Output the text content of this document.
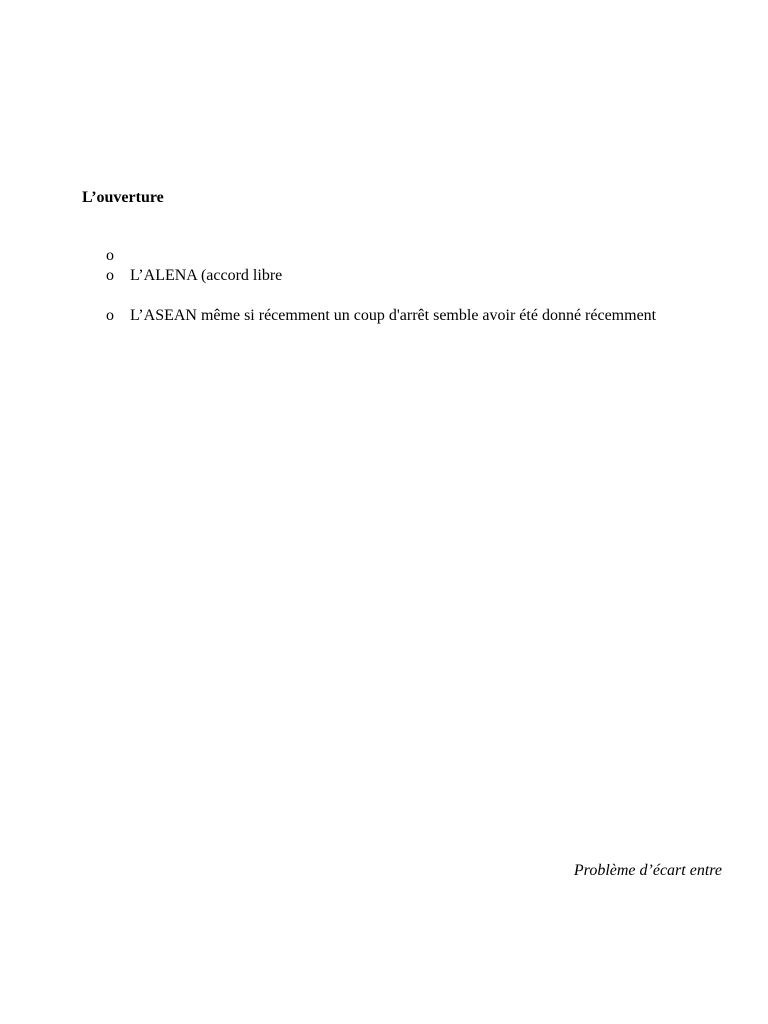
L’ouverture
o
o	L’ALENA (accord libre
o	L’ASEAN même si récemment un coup d'arrêt semble avoir été donné récemment
Problème d’écart entre
